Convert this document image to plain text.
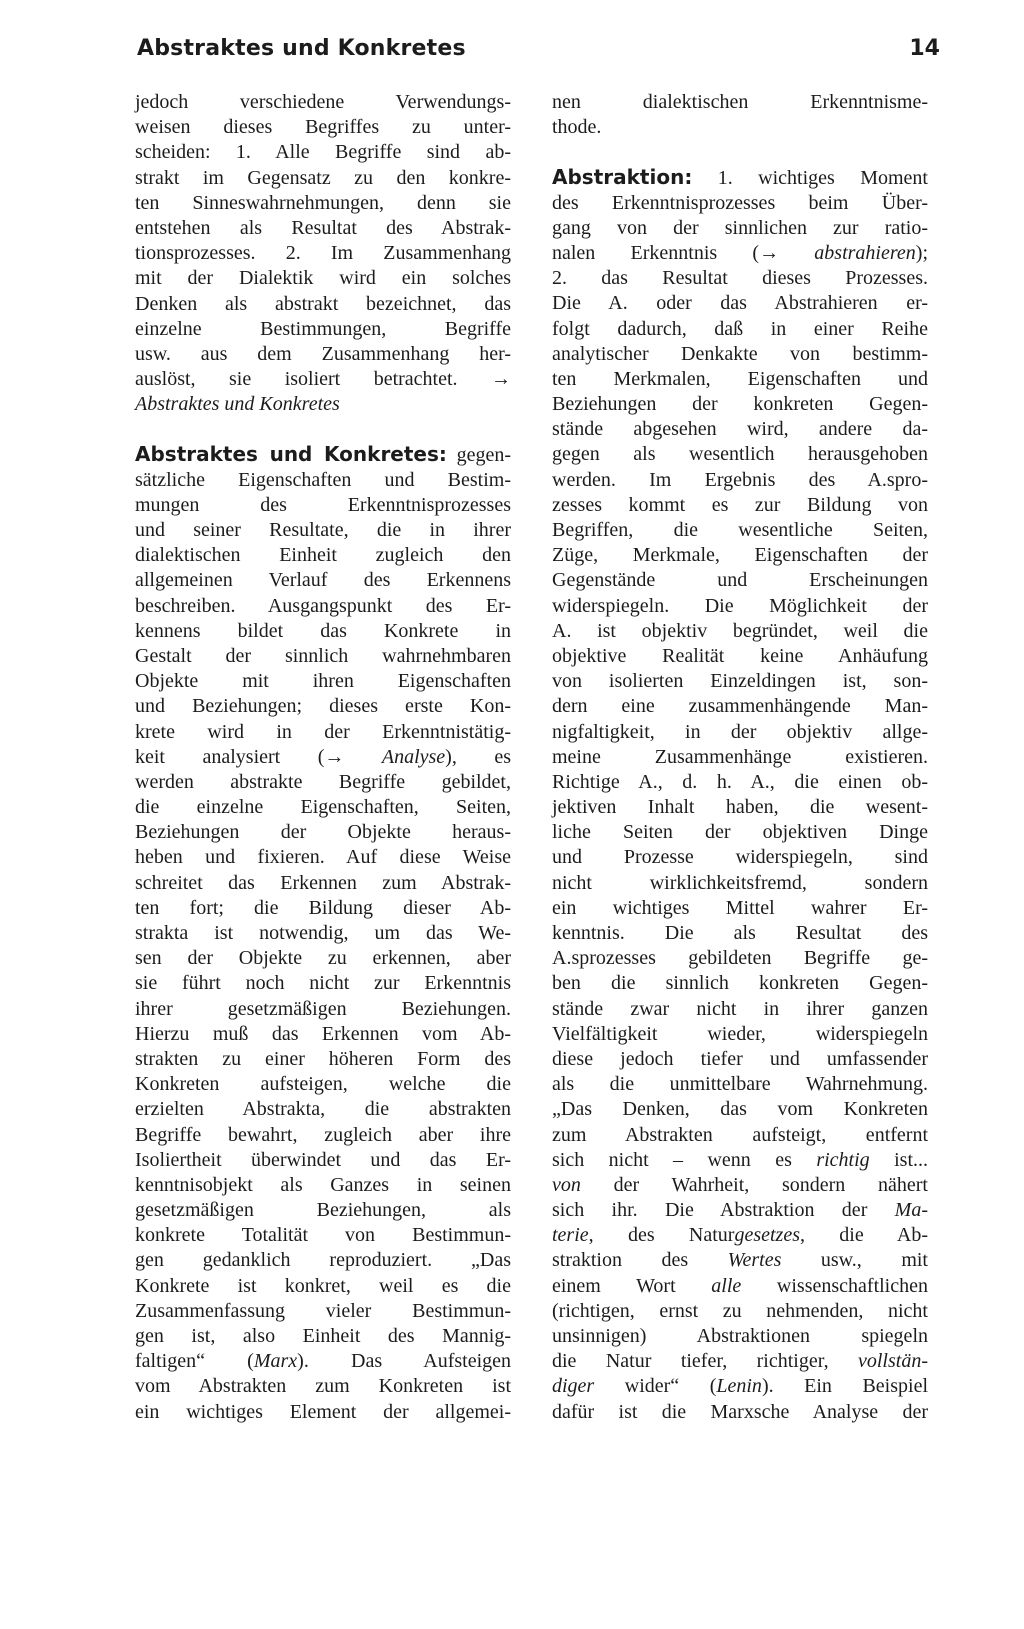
Abstraktes und Konkretes	14
jedoch verschiedene Verwendungs-
weisen dieses Begriffes zu unter-
scheiden: 1. Alle Begriffe sind ab-
strakt im Gegensatz zu den konkre-
ten Sinneswahrnehmungen, denn sie
entstehen als Resultat des Abstrak-
tionsprozesses. 2. Im Zusammenhang
mit der Dialektik wird ein solches
Denken als abstrakt bezeichnet, das
einzelne Bestimmungen, Begriffe
usw. aus dem Zusammenhang her-
auslöst, sie isoliert betrachtet. →
Abstraktes und Konkretes
Abstraktes und Konkretes: gegen-
sätzliche Eigenschaften und Bestim-
mungen des Erkenntnisprozesses
und seiner Resultate, die in ihrer
dialektischen Einheit zugleich den
allgemeinen Verlauf des Erkennens
beschreiben. Ausgangspunkt des Er-
kennens bildet das Konkrete in
Gestalt der sinnlich wahrnehmbaren
Objekte mit ihren Eigenschaften
und Beziehungen; dieses erste Kon-
krete wird in der Erkenntnistätig-
keit analysiert (→ Analyse), es
werden abstrakte Begriffe gebildet,
die einzelne Eigenschaften, Seiten,
Beziehungen der Objekte heraus-
heben und fixieren. Auf diese Weise
schreitet das Erkennen zum Abstrak-
ten fort; die Bildung dieser Ab-
strakta ist notwendig, um das We-
sen der Objekte zu erkennen, aber
sie führt noch nicht zur Erkenntnis
ihrer gesetzmäßigen Beziehungen.
Hierzu muß das Erkennen vom Ab-
strakten zu einer höheren Form des
Konkreten aufsteigen, welche die
erzielten Abstrakta, die abstrakten
Begriffe bewahrt, zugleich aber ihre
Isoliertheit überwindet und das Er-
kenntnisobjekt als Ganzes in seinen
gesetzmäßigen Beziehungen, als
konkrete Totalität von Bestimmun-
gen gedanklich reproduziert. „Das
Konkrete ist konkret, weil es die
Zusammenfassung vieler Bestimmun-
gen ist, also Einheit des Mannig-
faltigen“ (Marx). Das Aufsteigen
vom Abstrakten zum Konkreten ist
ein wichtiges Element der allgemei-
nen dialektischen Erkenntnisme-
thode.
Abstraktion: 1. wichtiges Moment
des Erkenntnisprozesses beim Über-
gang von der sinnlichen zur ratio-
nalen Erkenntnis (→ abstrahieren);
2. das Resultat dieses Prozesses.
Die A. oder das Abstrahieren er-
folgt dadurch, daß in einer Reihe
analytischer Denkakte von bestimm-
ten Merkmalen, Eigenschaften und
Beziehungen der konkreten Gegen-
stände abgesehen wird, andere da-
gegen als wesentlich herausgehoben
werden. Im Ergebnis des A.spro-
zesses kommt es zur Bildung von
Begriffen, die wesentliche Seiten,
Züge, Merkmale, Eigenschaften der
Gegenstände und Erscheinungen
widerspiegeln. Die Möglichkeit der
A. ist objektiv begründet, weil die
objektive Realität keine Anhäufung
von isolierten Einzeldingen ist, son-
dern eine zusammenhängende Man-
nigfaltigkeit, in der objektiv allge-
meine Zusammenhänge existieren.
Richtige A., d. h. A., die einen ob-
jektiven Inhalt haben, die wesent-
liche Seiten der objektiven Dinge
und Prozesse widerspiegeln, sind
nicht wirklichkeitsfremd, sondern
ein wichtiges Mittel wahrer Er-
kenntnis. Die als Resultat des
A.sprozesses gebildeten Begriffe ge-
ben die sinnlich konkreten Gegen-
stände zwar nicht in ihrer ganzen
Vielfältigkeit wieder, widerspiegeln
diese jedoch tiefer und umfassender
als die unmittelbare Wahrnehmung.
„Das Denken, das vom Konkreten
zum Abstrakten aufsteigt, entfernt
sich nicht – wenn es richtig ist...
von der Wahrheit, sondern nähert
sich ihr. Die Abstraktion der Ma-
terie, des Naturgesetzes, die Ab-
straktion des Wertes usw., mit
einem Wort alle wissenschaftlichen
(richtigen, ernst zu nehmenden, nicht
unsinnigen) Abstraktionen spiegeln
die Natur tiefer, richtiger, vollstän-
diger wider“ (Lenin). Ein Beispiel
dafür ist die Marxsche Analyse der
